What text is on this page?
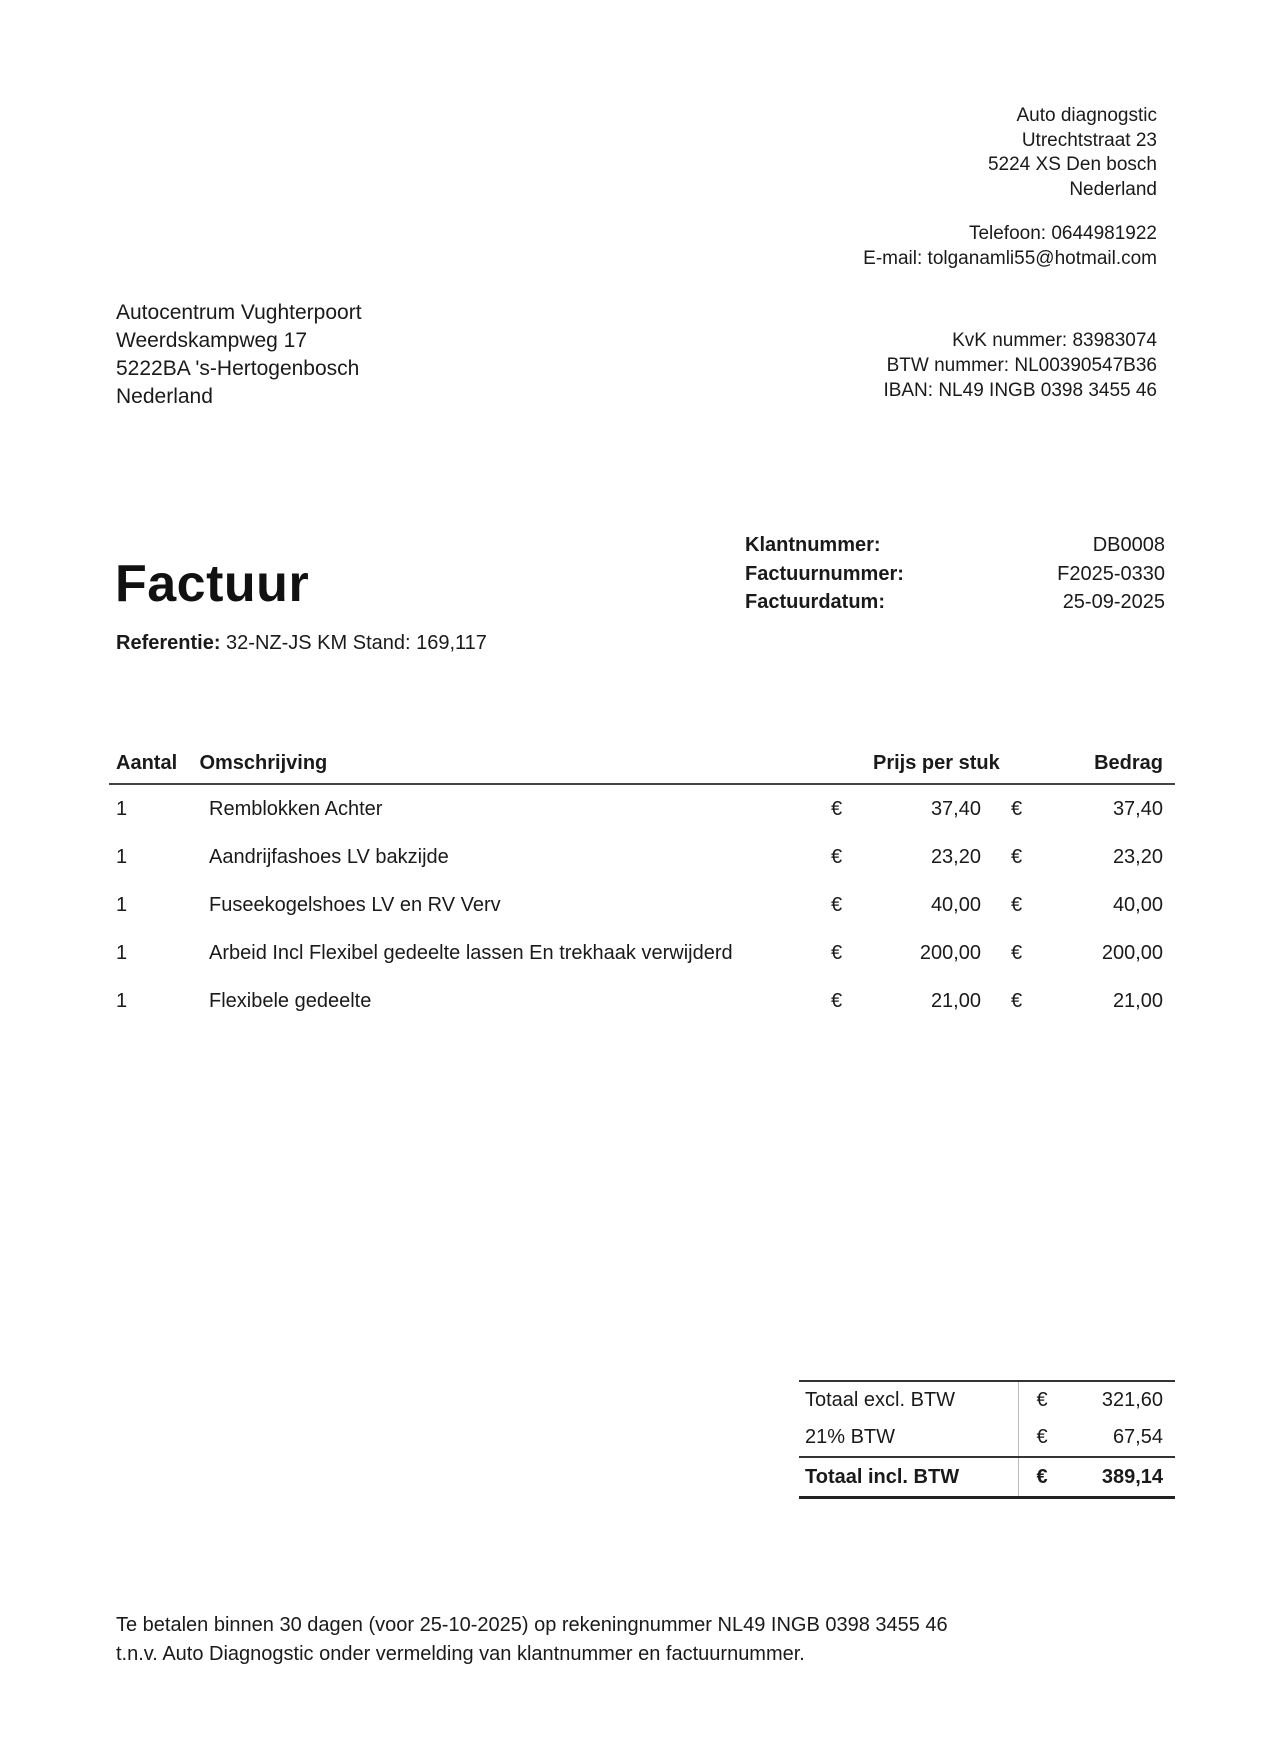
Auto diagnogstic
Utrechtstraat 23
5224 XS Den bosch
Nederland
Telefoon: 0644981922
E-mail: tolganamli55@hotmail.com
Autocentrum Vughterpoort
Weerdskampweg 17
5222BA 's-Hertogenbosch
Nederland
KvK nummer: 83983074
BTW nummer: NL00390547B36
IBAN: NL49 INGB 0398 3455 46
Factuur
Klantnummer:	DB0008
Factuurnummer:	F2025-0330
Factuurdatum:	25-09-2025
Referentie: 32-NZ-JS KM Stand: 169,117
Aantal	Omschrijving	Prijs per stuk	Bedrag
1	Remblokken Achter	€	37,40 €	37,40
1	Aandrijfashoes LV bakzijde	€	23,20 €	23,20
1	Fuseekogelshoes LV en RV Verv	€	40,00 €	40,00
1	Arbeid Incl Flexibel gedeelte lassen En trekhaak verwijderd	€	200,00 €	200,00
1	Flexibele gedeelte	€	21,00 €	21,00
Totaal excl. BTW	€	321,60
21% BTW	€	67,54
Totaal incl. BTW	€	389,14
Te betalen binnen 30 dagen (voor 25-10-2025) op rekeningnummer NL49 INGB 0398 3455 46
t.n.v. Auto Diagnogstic onder vermelding van klantnummer en factuurnummer.
